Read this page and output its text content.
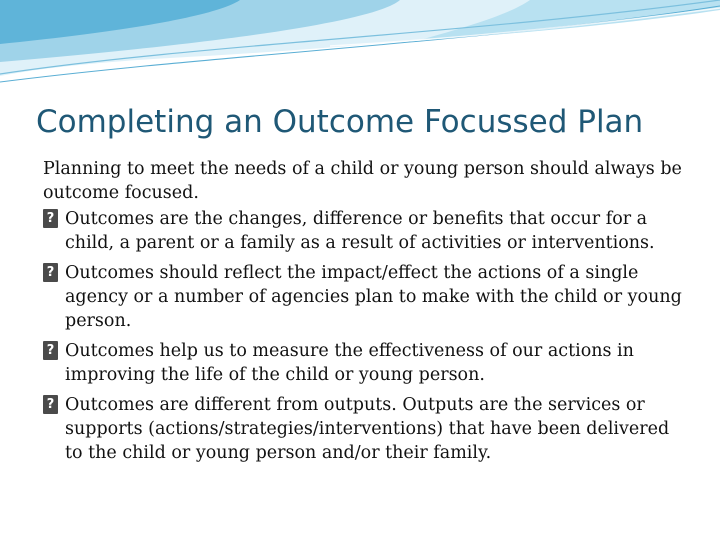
Completing an Outcome Focussed Plan

Planning to meet the needs of a child or young person should always be outcome focused.

?
Outcomes are the changes, difference or benefits that occur for a child, a parent or a family as a result of activities or interventions.
?
Outcomes should reflect the impact/effect the actions of a single agency or a number of agencies plan to make with the child or young person.
?
Outcomes help us to measure the effectiveness of our actions in improving the life of the child or young person.
?
Outcomes are different from outputs. Outputs are the services or supports (actions/strategies/interventions) that have been delivered to the child or young person and/or their family.
